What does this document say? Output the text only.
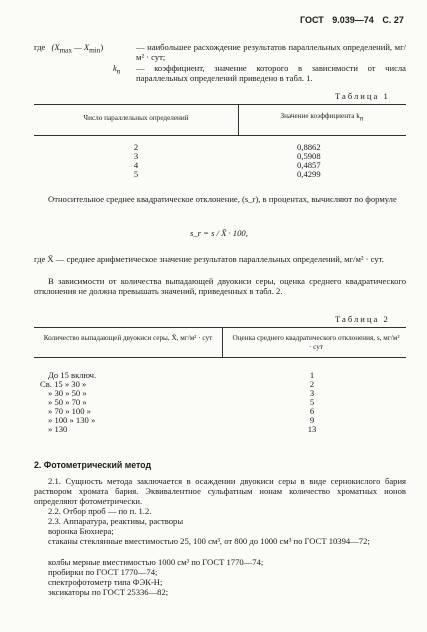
ГОСТ 9.039—74 С. 27
где ($X_{max}$ — $X_{min}$)	— наибольшее расхождение результатов параллельных определений, мг/м² · сут;
$k_n$ — коэффициент, значение которого в зависимости от числа параллельных определений приведено в табл. 1.
Таблица 1
Число параллельных определений	Значение коэффициента $k_n$
2	0,8862
3	0,5908
4	0,4857
5	0,4299
Относительное среднее квадратическое отклонение, (s_r), в процентах, вычисляют по формуле
s_r = s / X̄ · 100,
где X̄ — среднее арифметическое значение результатов параллельных определений, мг/м² · сут.
В зависимости от количества выпадающей двуокиси серы, оценка среднего квадратического отклонения не должна превышать значений, приведенных в табл. 2.
Таблица 2
Количество выпадающей двуокиси серы, X̄, мг/м² · сут	Оценка среднего квадратического отклонения, s, мг/м² · сут
До 15 включ.	1
Св. 15 » 30 »	2
» 30 » 50 »	3
» 50 » 70 »	5
» 70 » 100 »	6
» 100 » 130 »	9
» 130	13
2. Фотометрический метод
2.1. Сущность метода заключается в осаждении двуокиси серы в виде сернокислого бария раствором хромата бария. Эквивалентное сульфатным ионам количество хроматных ионов определяют фотометрически.
2.2. Отбор проб — по п. 1.2.
2.3. Аппаратура, реактивы, растворы
воронка Бюхнера;
стаканы стеклянные вместимостью 25, 100 см³, от 800 до 1000 см³ по ГОСТ 10394—72;
колбы мерные вместимостью 1000 см³ по ГОСТ 1770—74;
пробирки по ГОСТ 1770—74;
спектрофотометр типа ФЭК-Н;
эксикаторы по ГОСТ 25336—82;
